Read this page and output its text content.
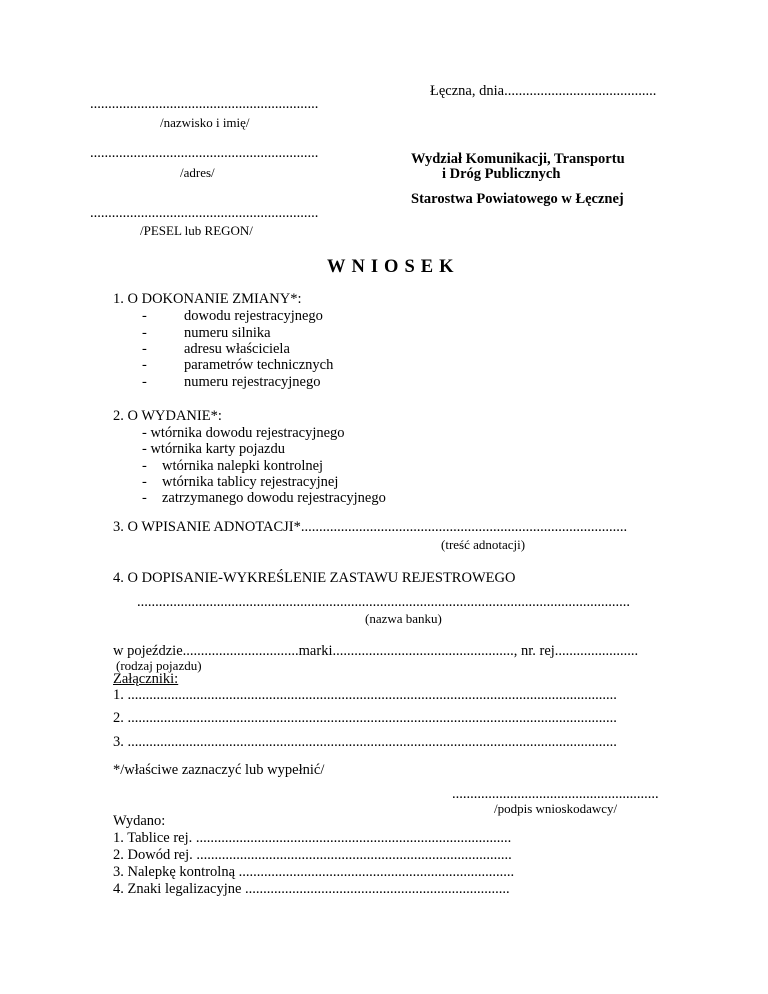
Łęczna, dnia..........................................
...............................................................
/nazwisko i imię/
...............................................................
/adres/
...............................................................
/PESEL lub REGON/
Wydział Komunikacji, Transportu
i Dróg Publicznych
Starostwa Powiatowego w Łęcznej
WNIOSEK
1. O DOKONANIE ZMIANY*:
-	dowodu rejestracyjnego
-	numeru silnika
-	adresu właściciela
-	parametrów technicznych
-	numeru rejestracyjnego
2. O WYDANIE*:
- wtórnika dowodu rejestracyjnego
- wtórnika karty pojazdu
- wtórnika nalepki kontrolnej
- wtórnika tablicy rejestracyjnej
- zatrzymanego dowodu rejestracyjnego
3. O WPISANIE ADNOTACJI*..........................................................................................
(treść adnotacji)
4. O DOPISANIE-WYKREŚLENIE ZASTAWU REJESTROWEGO
........................................................................................................................................
(nazwa banku)
w pojeździe................................marki.................................................., nr. rej.......................
(rodzaj pojazdu)
Załączniki:
1. .......................................................................................................................................
2. .......................................................................................................................................
3. .......................................................................................................................................
*/właściwe zaznaczyć lub wypełnić/
.........................................................
/podpis wnioskodawcy/
Wydano:
1. Tablice rej. .......................................................................................
2. Dowód rej. .......................................................................................
3. Nalepkę kontrolną ............................................................................
4. Znaki legalizacyjne .........................................................................
